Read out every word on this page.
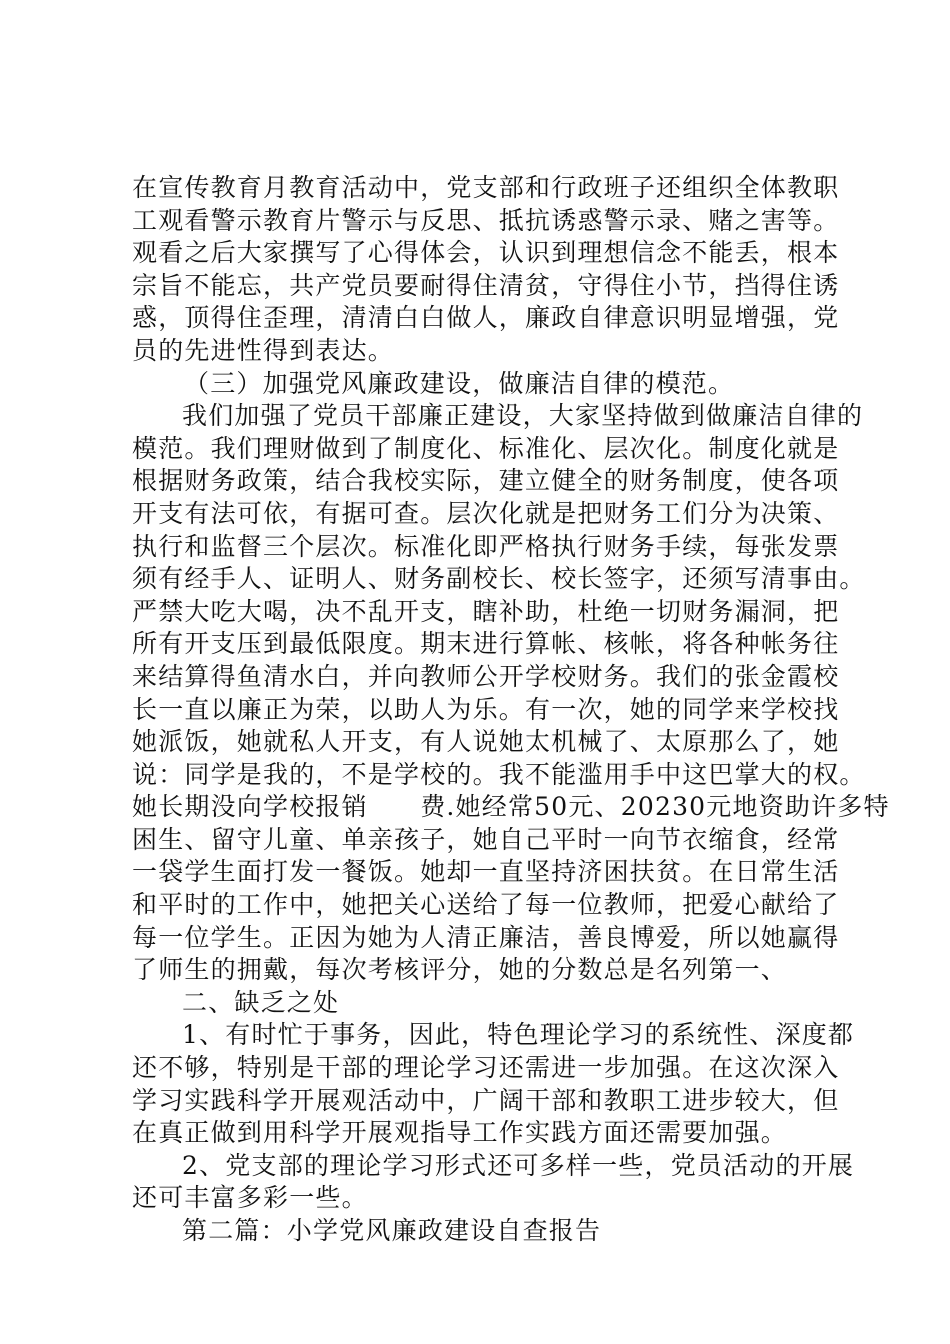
在宣传教育月教育活动中，党支部和行政班子还组织全体教职
工观看警示教育片警示与反思、抵抗诱惑警示录、赌之害等。
观看之后大家撰写了心得体会，认识到理想信念不能丢，根本
宗旨不能忘，共产党员要耐得住清贫，守得住小节，挡得住诱
惑，顶得住歪理，清清白白做人，廉政自律意识明显增强，党
员的先进性得到表达。
（三）加强党风廉政建设，做廉洁自律的模范。
我们加强了党员干部廉正建设，大家坚持做到做廉洁自律的
模范。我们理财做到了制度化、标准化、层次化。制度化就是
根据财务政策，结合我校实际，建立健全的财务制度，使各项
开支有法可依，有据可查。层次化就是把财务工们分为决策、
执行和监督三个层次。标准化即严格执行财务手续，每张发票
须有经手人、证明人、财务副校长、校长签字，还须写清事由。
严禁大吃大喝，决不乱开支，瞎补助，杜绝一切财务漏洞，把
所有开支压到最低限度。期末进行算帐、核帐，将各种帐务往
来结算得鱼清水白，并向教师公开学校财务。我们的张金霞校
长一直以廉正为荣，以助人为乐。有一次，她的同学来学校找
她派饭，她就私人开支，有人说她太机械了、太原那么了，她
说：同学是我的，不是学校的。我不能滥用手中这巴掌大的权。
她长期没向学校报销　　费.她经常50元、20230元地资助许多特
困生、留守儿童、单亲孩子，她自己平时一向节衣缩食，经常
一袋学生面打发一餐饭。她却一直坚持济困扶贫。在日常生活
和平时的工作中，她把关心送给了每一位教师，把爱心献给了
每一位学生。正因为她为人清正廉洁，善良博爱，所以她赢得
了师生的拥戴，每次考核评分，她的分数总是名列第一、
二、缺乏之处
1、有时忙于事务，因此，特色理论学习的系统性、深度都
还不够，特别是干部的理论学习还需进一步加强。在这次深入
学习实践科学开展观活动中，广阔干部和教职工进步较大，但
在真正做到用科学开展观指导工作实践方面还需要加强。
2、党支部的理论学习形式还可多样一些，党员活动的开展
还可丰富多彩一些。
第二篇：小学党风廉政建设自查报告
